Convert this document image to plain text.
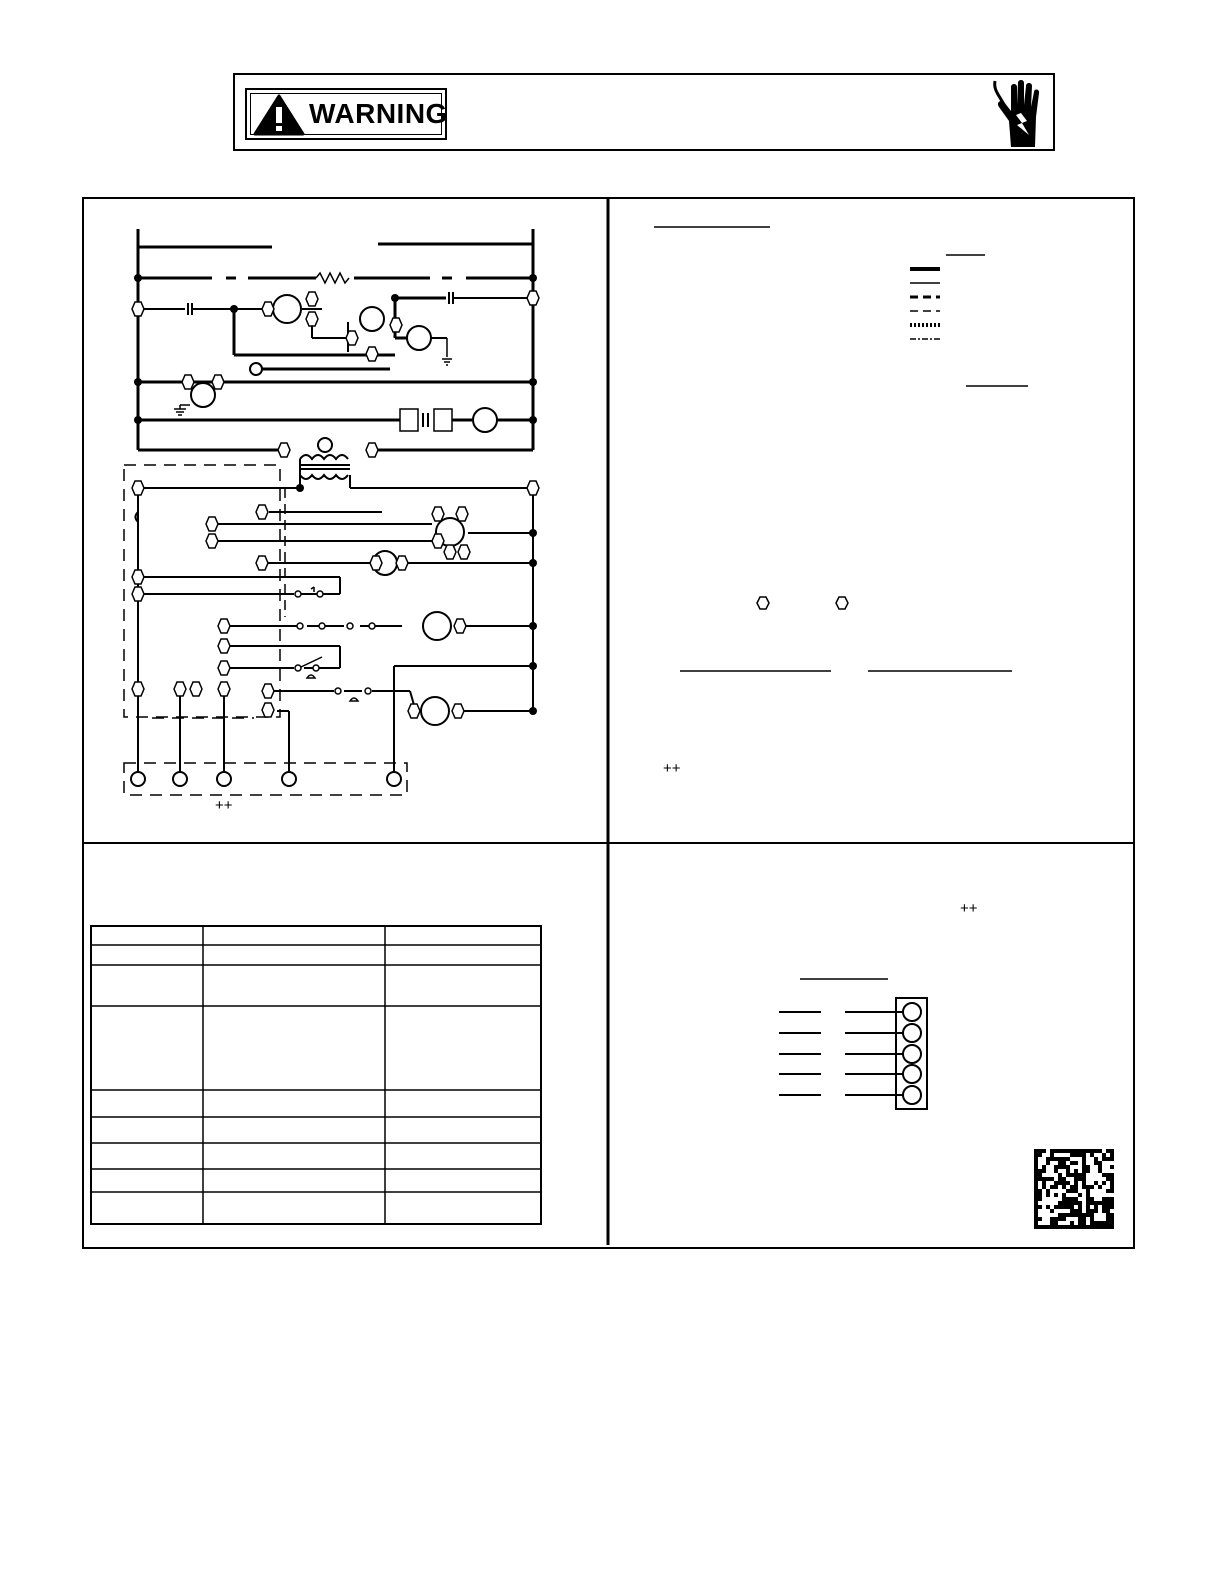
WARNING
++
++
++
